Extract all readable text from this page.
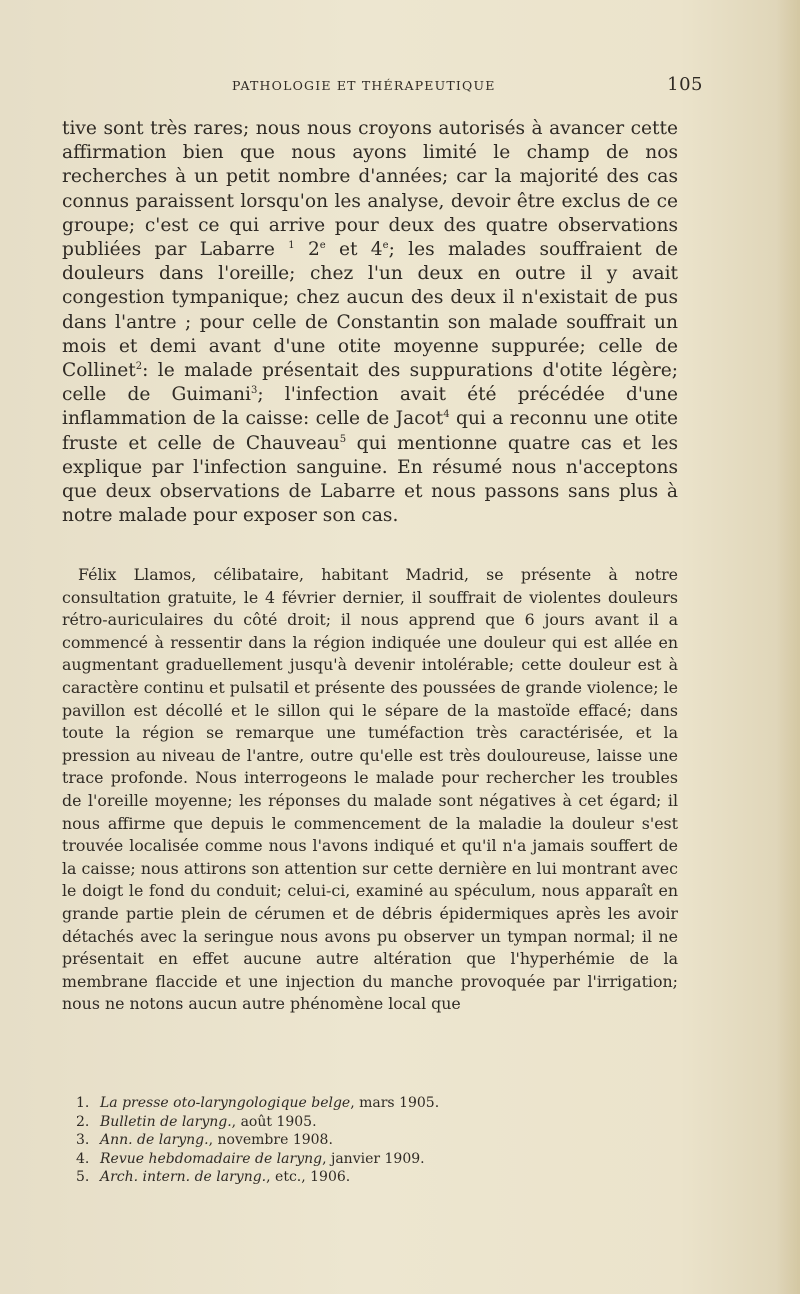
PATHOLOGIE ET THÉRAPEUTIQUE	105
tive sont très rares; nous nous croyons autorisés à avancer cette affirmation bien que nous ayons limité le champ de nos recherches à un petit nombre d'années; car la majorité des cas connus paraissent lorsqu'on les analyse, devoir être exclus de ce groupe; c'est ce qui arrive pour deux des quatre observations publiées par Labarre $^1$ 2e et 4e; les malades souffraient de douleurs dans l'oreille; chez l'un deux en outre il y avait congestion tympanique; chez aucun des deux il n'existait de pus dans l'antre ; pour celle de Constantin son malade souffrait un mois et demi avant d'une otite moyenne suppurée; celle de Collinet$^2$: le malade présentait des suppurations d'otite légère; celle de Guimani$^3$; l'infection avait été précédée d'une inflammation de la caisse: celle de Jacot$^4$ qui a reconnu une otite fruste et celle de Chauveau$^5$ qui mentionne quatre cas et les explique par l'infection sanguine. En résumé nous n'acceptons que deux observations de Labarre et nous passons sans plus à notre malade pour exposer son cas.
Félix Llamos, célibataire, habitant Madrid, se présente à notre consultation gratuite, le 4 février dernier, il souffrait de violentes douleurs rétro-auriculaires du côté droit; il nous apprend que 6 jours avant il a commencé à ressentir dans la région indiquée une douleur qui est allée en augmentant graduellement jusqu'à devenir intolérable; cette douleur est à caractère continu et pulsatil et présente des poussées de grande violence; le pavillon est décollé et le sillon qui le sépare de la mastoïde effacé; dans toute la région se remarque une tuméfaction très caractérisée, et la pression au niveau de l'antre, outre qu'elle est très douloureuse, laisse une trace profonde. Nous interrogeons le malade pour rechercher les troubles de l'oreille moyenne; les réponses du malade sont négatives à cet égard; il nous affirme que depuis le commencement de la maladie la douleur s'est trouvée localisée comme nous l'avons indiqué et qu'il n'a jamais souffert de la caisse; nous attirons son attention sur cette dernière en lui montrant avec le doigt le fond du conduit; celui-ci, examiné au spéculum, nous apparaît en grande partie plein de cérumen et de débris épidermiques après les avoir détachés avec la seringue nous avons pu observer un tympan normal; il ne présentait en effet aucune autre altération que l'hyperhémie de la membrane flaccide et une injection du manche provoquée par l'irrigation; nous ne notons aucun autre phénomène local que
1. La presse oto-laryngologique belge, mars 1905.
2. Bulletin de laryng., août 1905.
3. Ann. de laryng., novembre 1908.
4. Revue hebdomadaire de laryng, janvier 1909.
5. Arch. intern. de laryng., etc., 1906.
